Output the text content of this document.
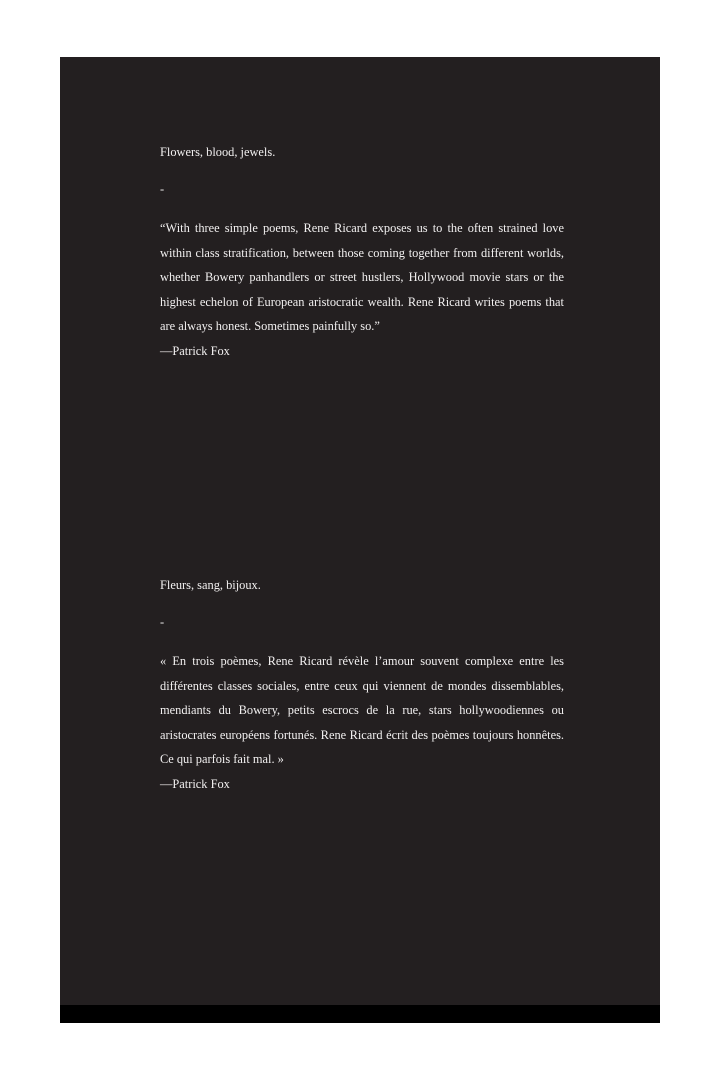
Flowers, blood, jewels.

-

“With three simple poems, Rene Ricard exposes us to the often strained love within class stratification, between those coming together from different worlds, whether Bowery panhandlers or street hustlers, Hollywood movie stars or the highest echelon of European aristocratic wealth. Rene Ricard writes poems that are always honest. Sometimes painfully so.”

—Patrick Fox

Fleurs, sang, bijoux.

-

« En trois poèmes, Rene Ricard révèle l’amour souvent complexe entre les différentes classes sociales, entre ceux qui viennent de mondes dissemblables, mendiants du Bowery, petits escrocs de la rue, stars hollywoodiennes ou aristocrates européens fortunés. Rene Ricard écrit des poèmes toujours honnêtes. Ce qui parfois fait mal. »

—Patrick Fox
